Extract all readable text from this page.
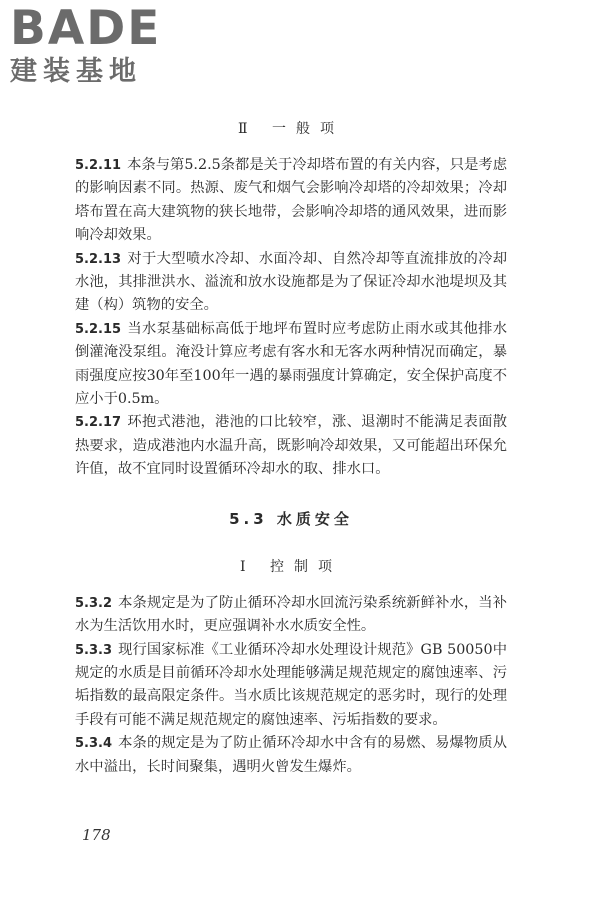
BADE
建装基地
Ⅱ 一般项

5.2.11 本条与第5.2.5条都是关于冷却塔布置的有关内容，只是考虑的影响因素不同。热源、废气和烟气会影响冷却塔的冷却效果；冷却塔布置在高大建筑物的狭长地带，会影响冷却塔的通风效果，进而影响冷却效果。

5.2.13 对于大型喷水冷却、水面冷却、自然冷却等直流排放的冷却水池，其排泄洪水、溢流和放水设施都是为了保证冷却水池堤坝及其建（构）筑物的安全。

5.2.15 当水泵基础标高低于地坪布置时应考虑防止雨水或其他排水倒灌淹没泵组。淹没计算应考虑有客水和无客水两种情况而确定，暴雨强度应按30年至100年一遇的暴雨强度计算确定，安全保护高度不应小于0.5m。

5.2.17 环抱式港池，港池的口比较窄，涨、退潮时不能满足表面散热要求，造成港池内水温升高，既影响冷却效果，又可能超出环保允许值，故不宜同时设置循环冷却水的取、排水口。

5.3 水质安全
Ⅰ 控制项

5.3.2 本条规定是为了防止循环冷却水回流污染系统新鲜补水，当补水为生活饮用水时，更应强调补水水质安全性。

5.3.3 现行国家标准《工业循环冷却水处理设计规范》GB 50050中规定的水质是目前循环冷却水处理能够满足规范规定的腐蚀速率、污垢指数的最高限定条件。当水质比该规范规定的恶劣时，现行的处理手段有可能不满足规范规定的腐蚀速率、污垢指数的要求。

5.3.4 本条的规定是为了防止循环冷却水中含有的易燃、易爆物质从水中溢出，长时间聚集，遇明火曾发生爆炸。

178
